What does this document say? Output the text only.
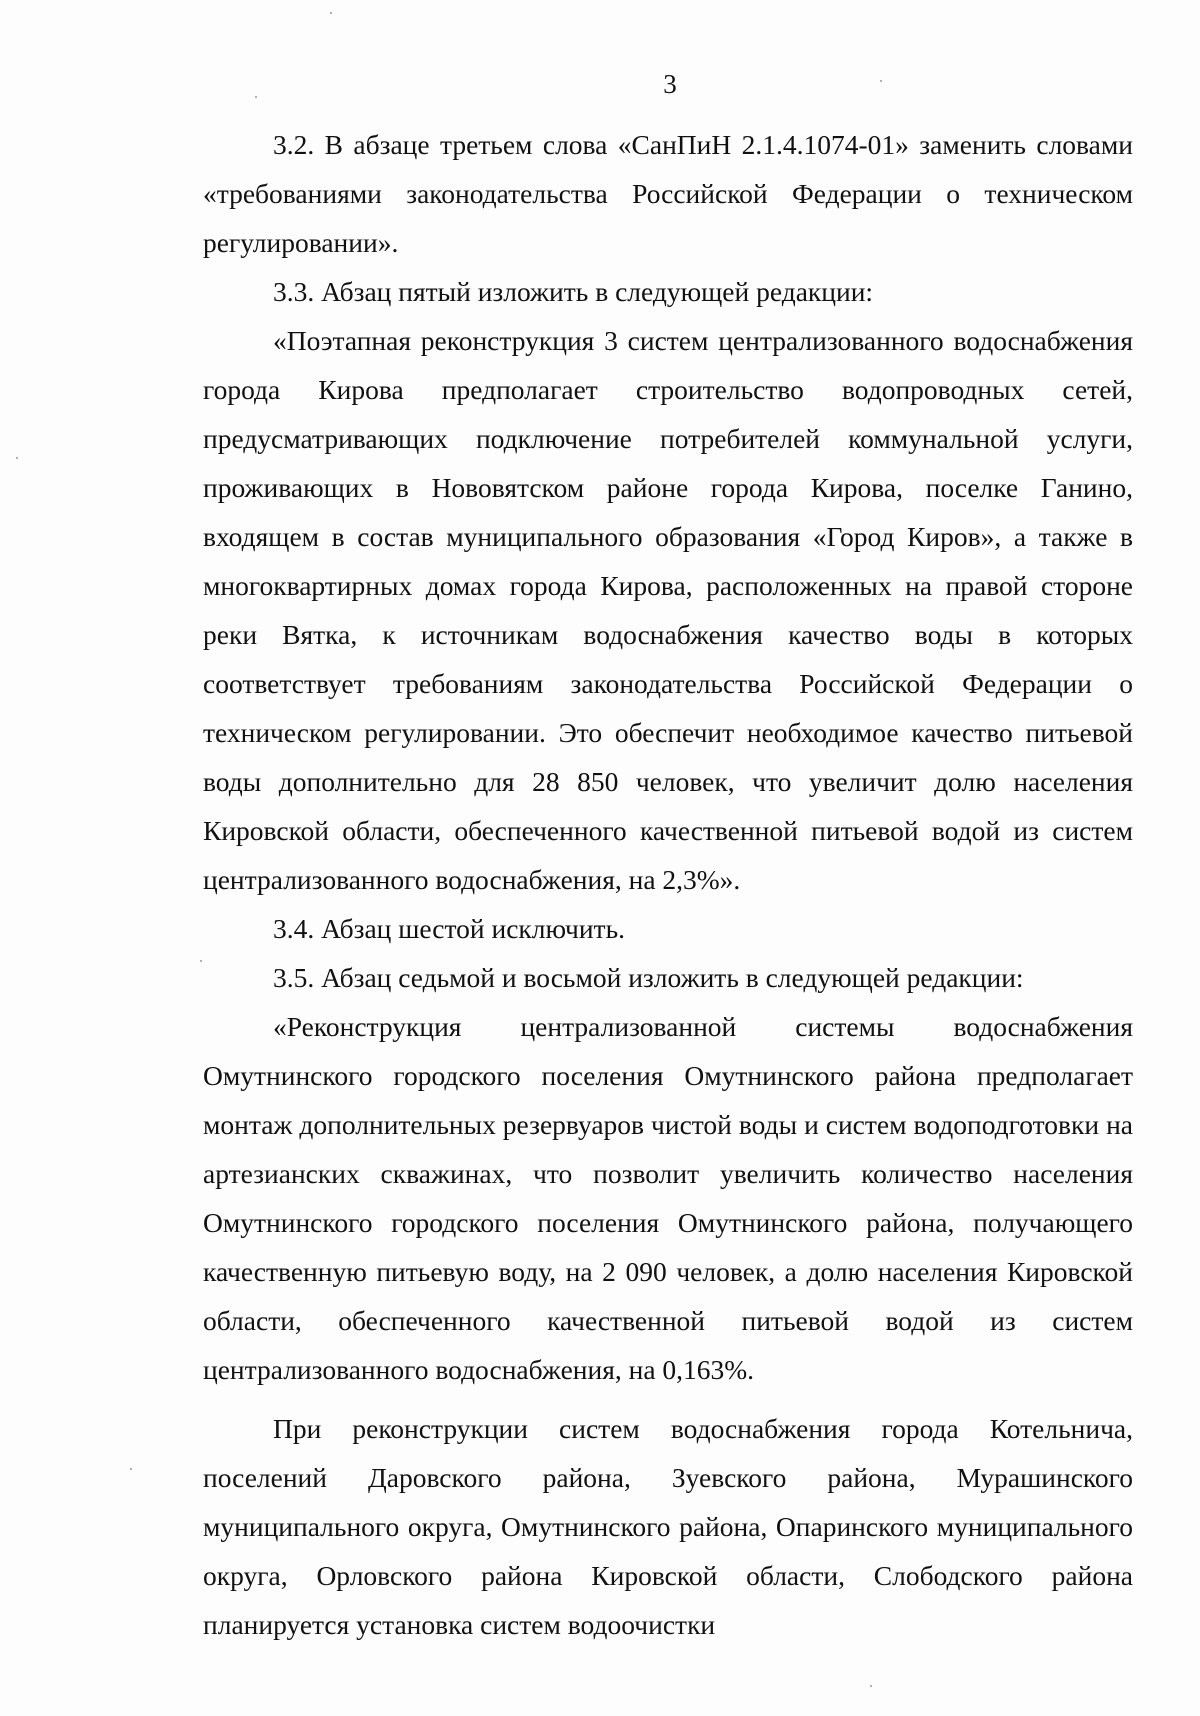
3

3.2. В абзаце третьем слова «СанПиН 2.1.4.1074-01» заменить словами «требованиями законодательства Российской Федерации о техническом регулировании».

3.3. Абзац пятый изложить в следующей редакции:

«Поэтапная реконструкция 3 систем централизованного водоснабжения города Кирова предполагает строительство водопроводных сетей, предусматривающих подключение потребителей коммунальной услуги, проживающих в Нововятском районе города Кирова, поселке Ганино, входящем в состав муниципального образования «Город Киров», а также в многоквартирных домах города Кирова, расположенных на правой стороне реки Вятка, к источникам водоснабжения качество воды в которых соответствует требованиям законодательства Российской Федерации о техническом регулировании. Это обеспечит необходимое качество питьевой воды дополнительно для 28 850 человек, что увеличит долю населения Кировской области, обеспеченного качественной питьевой водой из систем централизованного водоснабжения, на 2,3%».

3.4. Абзац шестой исключить.

3.5. Абзац седьмой и восьмой изложить в следующей редакции:

«Реконструкция централизованной системы водоснабжения Омутнинского городского поселения Омутнинского района предполагает монтаж дополнительных резервуаров чистой воды и систем водоподготовки на артезианских скважинах, что позволит увеличить количество населения Омутнинского городского поселения Омутнинского района, получающего качественную питьевую воду, на 2 090 человек, а долю населения Кировской области, обеспеченного качественной питьевой водой из систем централизованного водоснабжения, на 0,163%.

При реконструкции систем водоснабжения города Котельнича, поселений Даровского района, Зуевского района, Мурашинского муниципального округа, Омутнинского района, Опаринского муниципального округа, Орловского района Кировской области, Слободского района планируется установка систем водоочистки
